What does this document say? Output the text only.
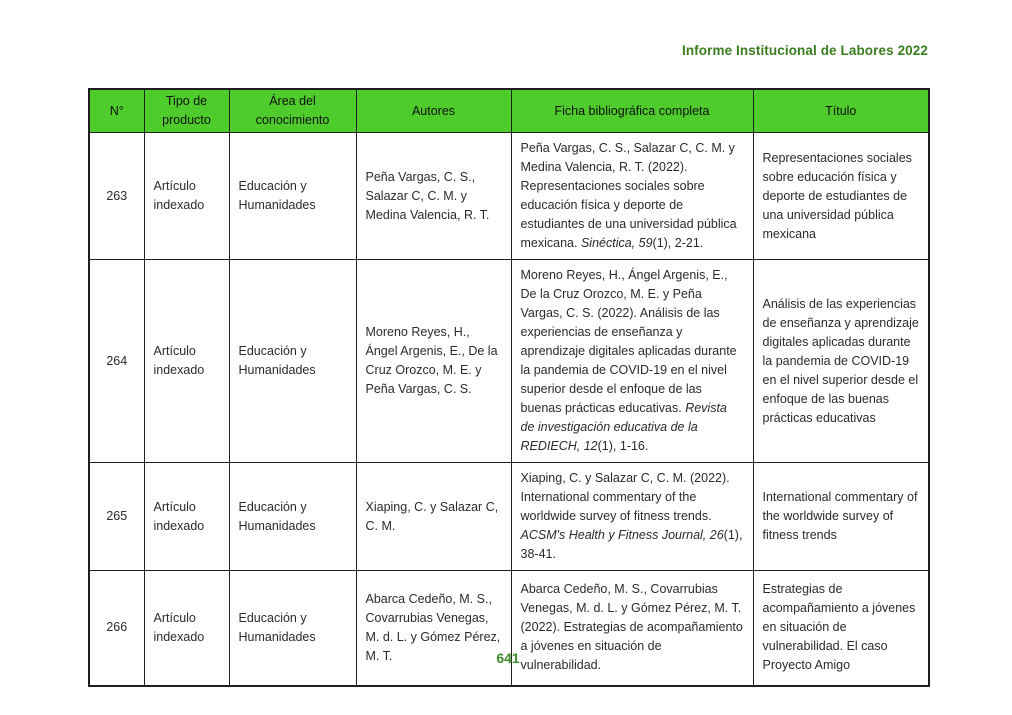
Informe Institucional de Labores 2022
N°	Tipo de producto	Área del conocimiento	Autores	Ficha bibliográfica completa	Título
263	Artículo indexado	Educación y Humanidades	Peña Vargas, C. S., Salazar C, C. M. y Medina Valencia, R. T.	Peña Vargas, C. S., Salazar C, C. M. y Medina Valencia, R. T. (2022). Representaciones sociales sobre educación física y deporte de estudiantes de una universidad pública mexicana. Sinéctica, 59(1), 2-21.	Representaciones sociales sobre educación física y deporte de estudiantes de una universidad pública mexicana
264	Artículo indexado	Educación y Humanidades	Moreno Reyes, H., Ángel Argenis, E., De la Cruz Orozco, M. E. y Peña Vargas, C. S.	Moreno Reyes, H., Ángel Argenis, E., De la Cruz Orozco, M. E. y Peña Vargas, C. S. (2022). Análisis de las experiencias de enseñanza y aprendizaje digitales aplicadas durante la pandemia de COVID-19 en el nivel superior desde el enfoque de las buenas prácticas educativas. Revista de investigación educativa de la REDIECH, 12(1), 1-16.	Análisis de las experiencias de enseñanza y aprendizaje digitales aplicadas durante la pandemia de COVID-19 en el nivel superior desde el enfoque de las buenas prácticas educativas
265	Artículo indexado	Educación y Humanidades	Xiaping, C. y Salazar C, C. M.	Xiaping, C. y Salazar C, C. M. (2022). International commentary of the worldwide survey of fitness trends. ACSM's Health y Fitness Journal, 26(1), 38-41.	International commentary of the worldwide survey of fitness trends
266	Artículo indexado	Educación y Humanidades	Abarca Cedeño, M. S., Covarrubias Venegas, M. d. L. y Gómez Pérez, M. T.	Abarca Cedeño, M. S., Covarrubias Venegas, M. d. L. y Gómez Pérez, M. T. (2022). Estrategias de acompañamiento a jóvenes en situación de vulnerabilidad.	Estrategias de acompañamiento a jóvenes en situación de vulnerabilidad. El caso Proyecto Amigo
641
